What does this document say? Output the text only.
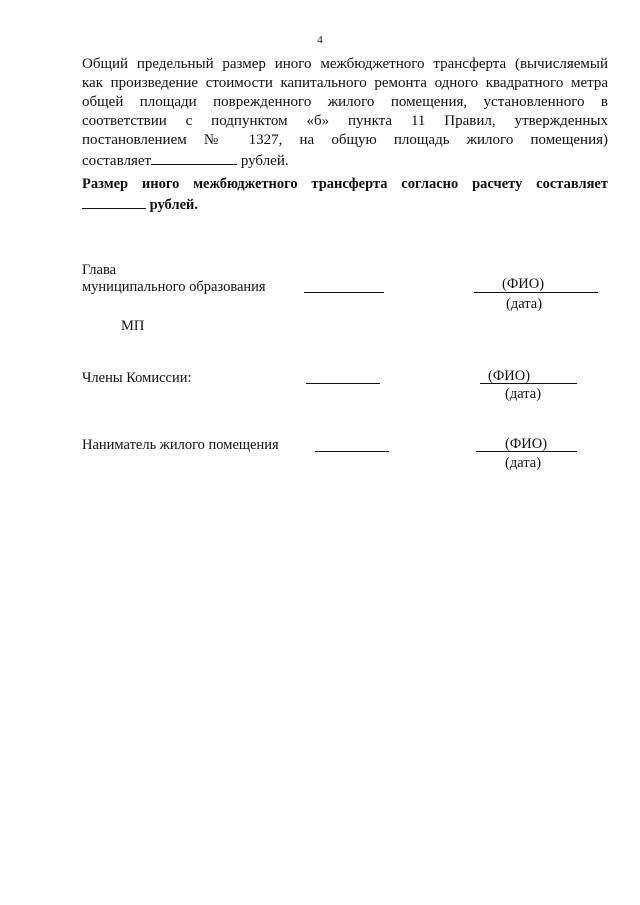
4
Общий предельный размер иного межбюджетного трансферта (вычисляемый
как произведение стоимости капитального ремонта одного квадратного метра
общей площади поврежденного жилого помещения, установленного в
соответствии с подпунктом «б» пункта 11 Правил, утвержденных
постановлением № 1327, на общую площадь жилого помещения)
составляет	рублей.
Размер иного межбюджетного трансферта согласно расчету составляет
рублей.
Глава
муниципального образования	(ФИО)
(дата)
МП
Члены Комиссии:	(ФИО)
(дата)
Наниматель жилого помещения	(ФИО)
(дата)
